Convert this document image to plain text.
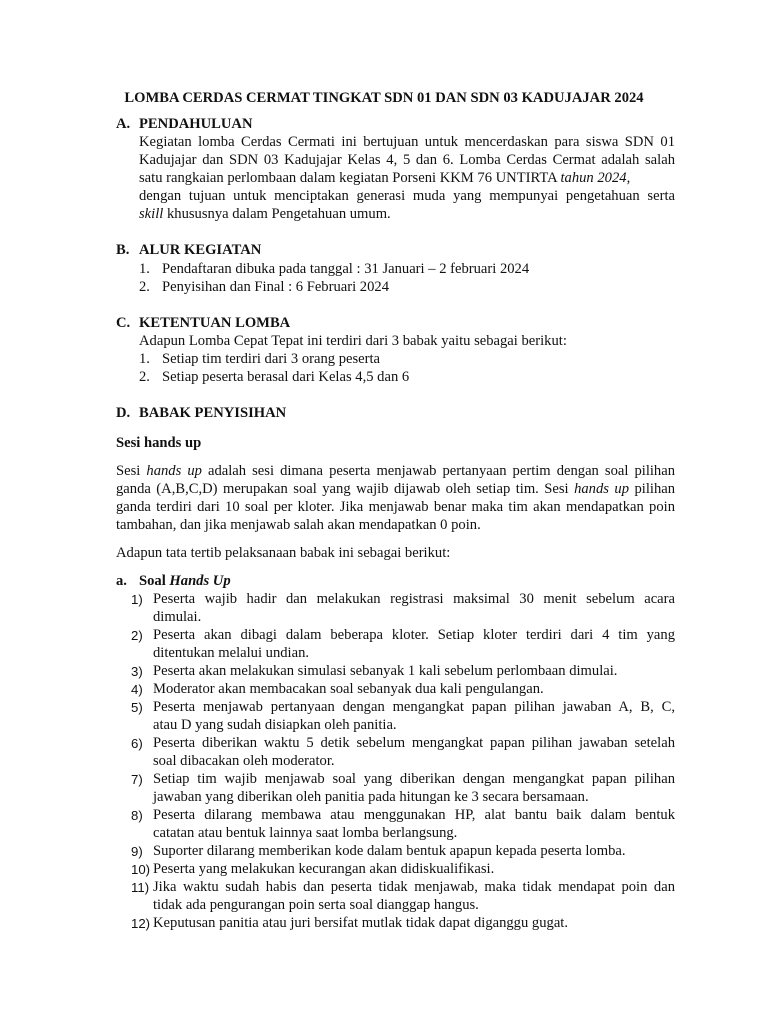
LOMBA CERDAS CERMAT TINGKAT SDN 01 DAN SDN 03 KADUJAJAR 2024
A. PENDAHULUAN
Kegiatan lomba Cerdas Cermati ini bertujuan untuk mencerdaskan para siswa SDN 01
Kadujajar dan SDN 03 Kadujajar Kelas 4, 5 dan 6. Lomba Cerdas Cermat adalah salah
satu rangkaian perlombaan dalam kegiatan Porseni KKM 76 UNTIRTA tahun 2024,
dengan tujuan untuk menciptakan generasi muda yang mempunyai pengetahuan serta
skill khususnya dalam Pengetahuan umum.
B. ALUR KEGIATAN
1. Pendaftaran dibuka pada tanggal : 31 Januari – 2 februari 2024
2. Penyisihan dan Final : 6 Februari 2024
C. KETENTUAN LOMBA
Adapun Lomba Cepat Tepat ini terdiri dari 3 babak yaitu sebagai berikut:
1. Setiap tim terdiri dari 3 orang peserta
2. Setiap peserta berasal dari Kelas 4,5 dan 6
D. BABAK PENYISIHAN
Sesi hands up
Sesi hands up adalah sesi dimana peserta menjawab pertanyaan pertim dengan soal pilihan
ganda (A,B,C,D) merupakan soal yang wajib dijawab oleh setiap tim. Sesi hands up pilihan
ganda terdiri dari 10 soal per kloter. Jika menjawab benar maka tim akan mendapatkan poin
tambahan, dan jika menjawab salah akan mendapatkan 0 poin.
Adapun tata tertib pelaksanaan babak ini sebagai berikut:
a. Soal Hands Up
1) Peserta wajib hadir dan melakukan registrasi maksimal 30 menit sebelum acara
dimulai.
2) Peserta akan dibagi dalam beberapa kloter. Setiap kloter terdiri dari 4 tim yang
ditentukan melalui undian.
3) Peserta akan melakukan simulasi sebanyak 1 kali sebelum perlombaan dimulai.
4) Moderator akan membacakan soal sebanyak dua kali pengulangan.
5) Peserta menjawab pertanyaan dengan mengangkat papan pilihan jawaban A, B, C,
atau D yang sudah disiapkan oleh panitia.
6) Peserta diberikan waktu 5 detik sebelum mengangkat papan pilihan jawaban setelah
soal dibacakan oleh moderator.
7) Setiap tim wajib menjawab soal yang diberikan dengan mengangkat papan pilihan
jawaban yang diberikan oleh panitia pada hitungan ke 3 secara bersamaan.
8) Peserta dilarang membawa atau menggunakan HP, alat bantu baik dalam bentuk
catatan atau bentuk lainnya saat lomba berlangsung.
9) Suporter dilarang memberikan kode dalam bentuk apapun kepada peserta lomba.
10) Peserta yang melakukan kecurangan akan didiskualifikasi.
11) Jika waktu sudah habis dan peserta tidak menjawab, maka tidak mendapat poin dan
tidak ada pengurangan poin serta soal dianggap hangus.
12) Keputusan panitia atau juri bersifat mutlak tidak dapat diganggu gugat.
